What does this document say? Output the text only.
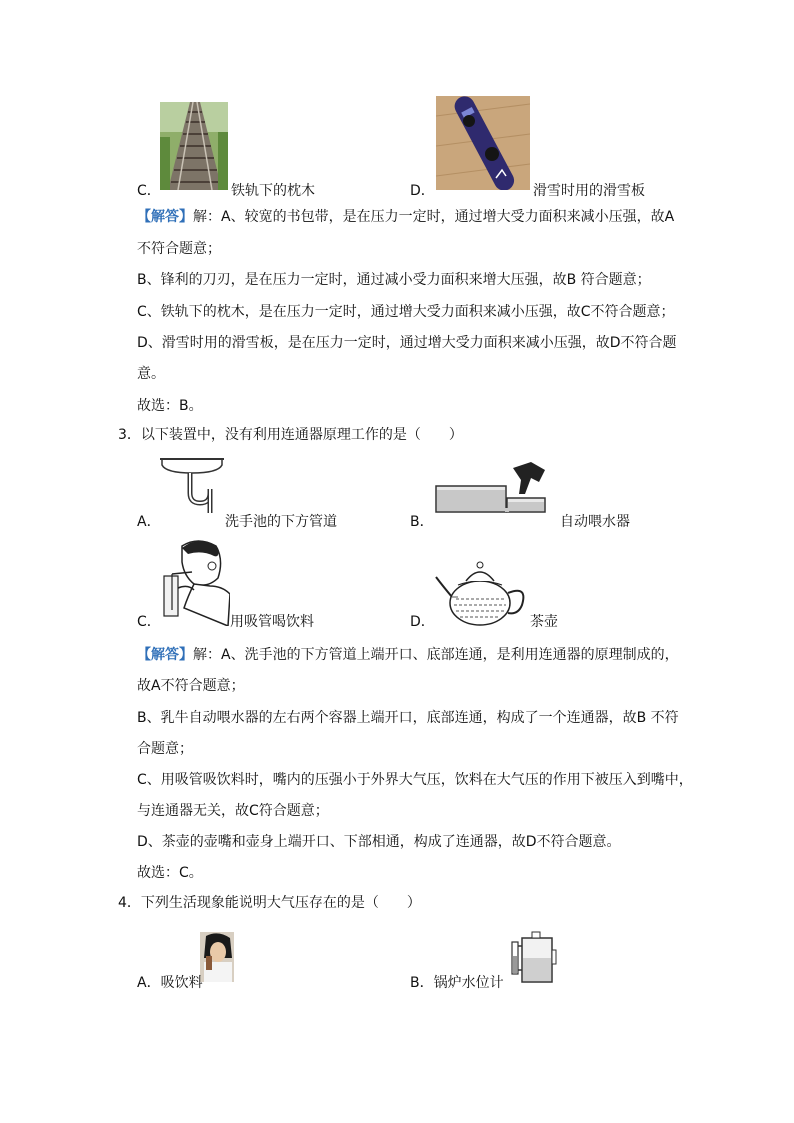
C．	铁轨下的枕木	D．	滑雪时用的滑雪板
【解答】解：A、较宽的书包带，是在压力一定时，通过增大受力面积来减小压强，故A
不符合题意；
B、锋利的刀刃，是在压力一定时，通过减小受力面积来增大压强，故B 符合题意；
C、铁轨下的枕木，是在压力一定时，通过增大受力面积来减小压强，故C不符合题意；
D、滑雪时用的滑雪板，是在压力一定时，通过增大受力面积来减小压强，故D不符合题
意。
故选：B。
3．以下装置中，没有利用连通器原理工作的是（　　）
A．	洗手池的下方管道	B．	自动喂水器
C．	用吸管喝饮料	D．	茶壶
【解答】解：A、洗手池的下方管道上端开口、底部连通，是利用连通器的原理制成的，
故A不符合题意；
B、乳牛自动喂水器的左右两个容器上端开口，底部连通，构成了一个连通器，故B 不符
合题意；
C、用吸管吸饮料时，嘴内的压强小于外界大气压，饮料在大气压的作用下被压入到嘴中，
与连通器无关，故C符合题意；
D、茶壶的壶嘴和壶身上端开口、下部相通，构成了连通器，故D不符合题意。
故选：C。
4．下列生活现象能说明大气压存在的是（　　）
A．吸饮料	B．锅炉水位计
